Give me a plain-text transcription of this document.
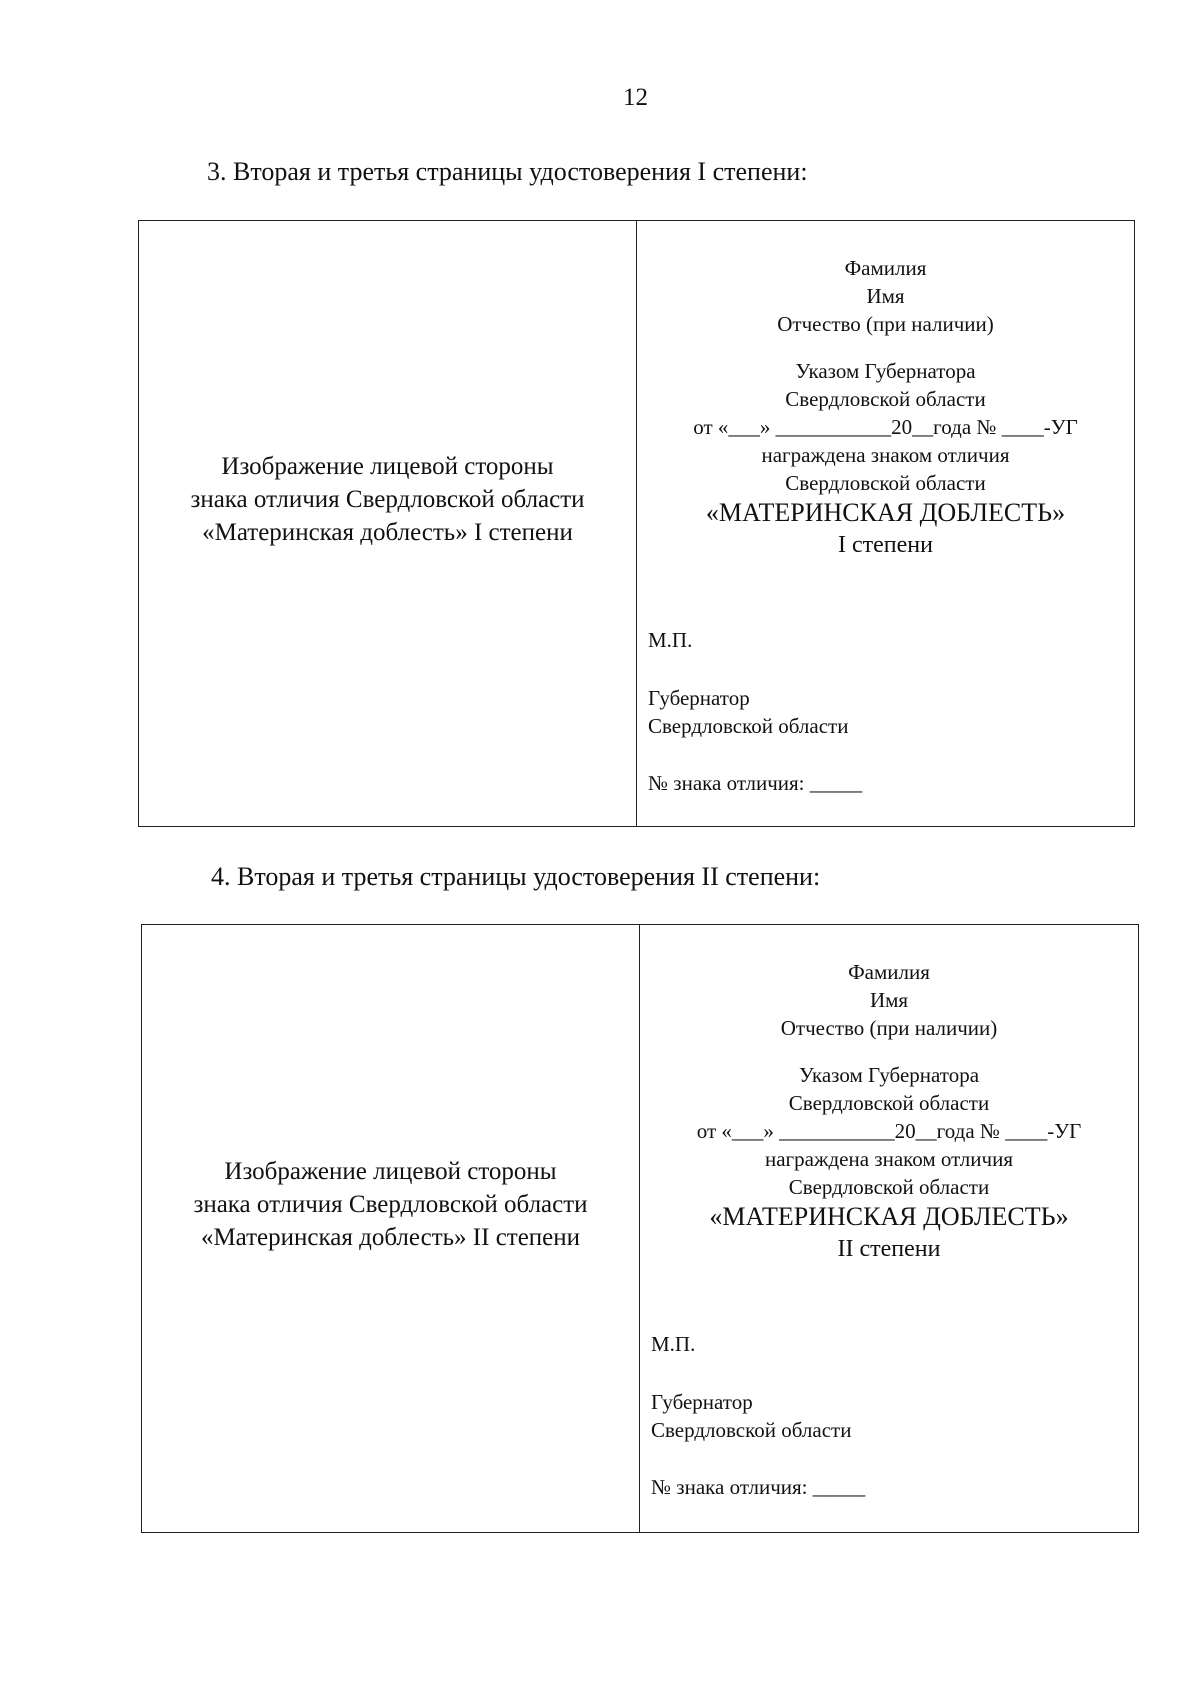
12
3. Вторая и третья страницы удостоверения I степени:
Изображение лицевой стороны
знака отличия Свердловской области
«Материнская доблесть» I степени
Фамилия
Имя
Отчество (при наличии)
Указом Губернатора
Свердловской области
от «___» ___________20__года № ____-УГ
награждена знаком отличия
Свердловской области
«МАТЕРИНСКАЯ ДОБЛЕСТЬ»
I степени
М.П.
Губернатор
Свердловской области
№ знака отличия: _____
4. Вторая и третья страницы удостоверения II степени:
Изображение лицевой стороны
знака отличия Свердловской области
«Материнская доблесть» II степени
Фамилия
Имя
Отчество (при наличии)
Указом Губернатора
Свердловской области
от «___» ___________20__года № ____-УГ
награждена знаком отличия
Свердловской области
«МАТЕРИНСКАЯ ДОБЛЕСТЬ»
II степени
М.П.
Губернатор
Свердловской области
№ знака отличия: _____
